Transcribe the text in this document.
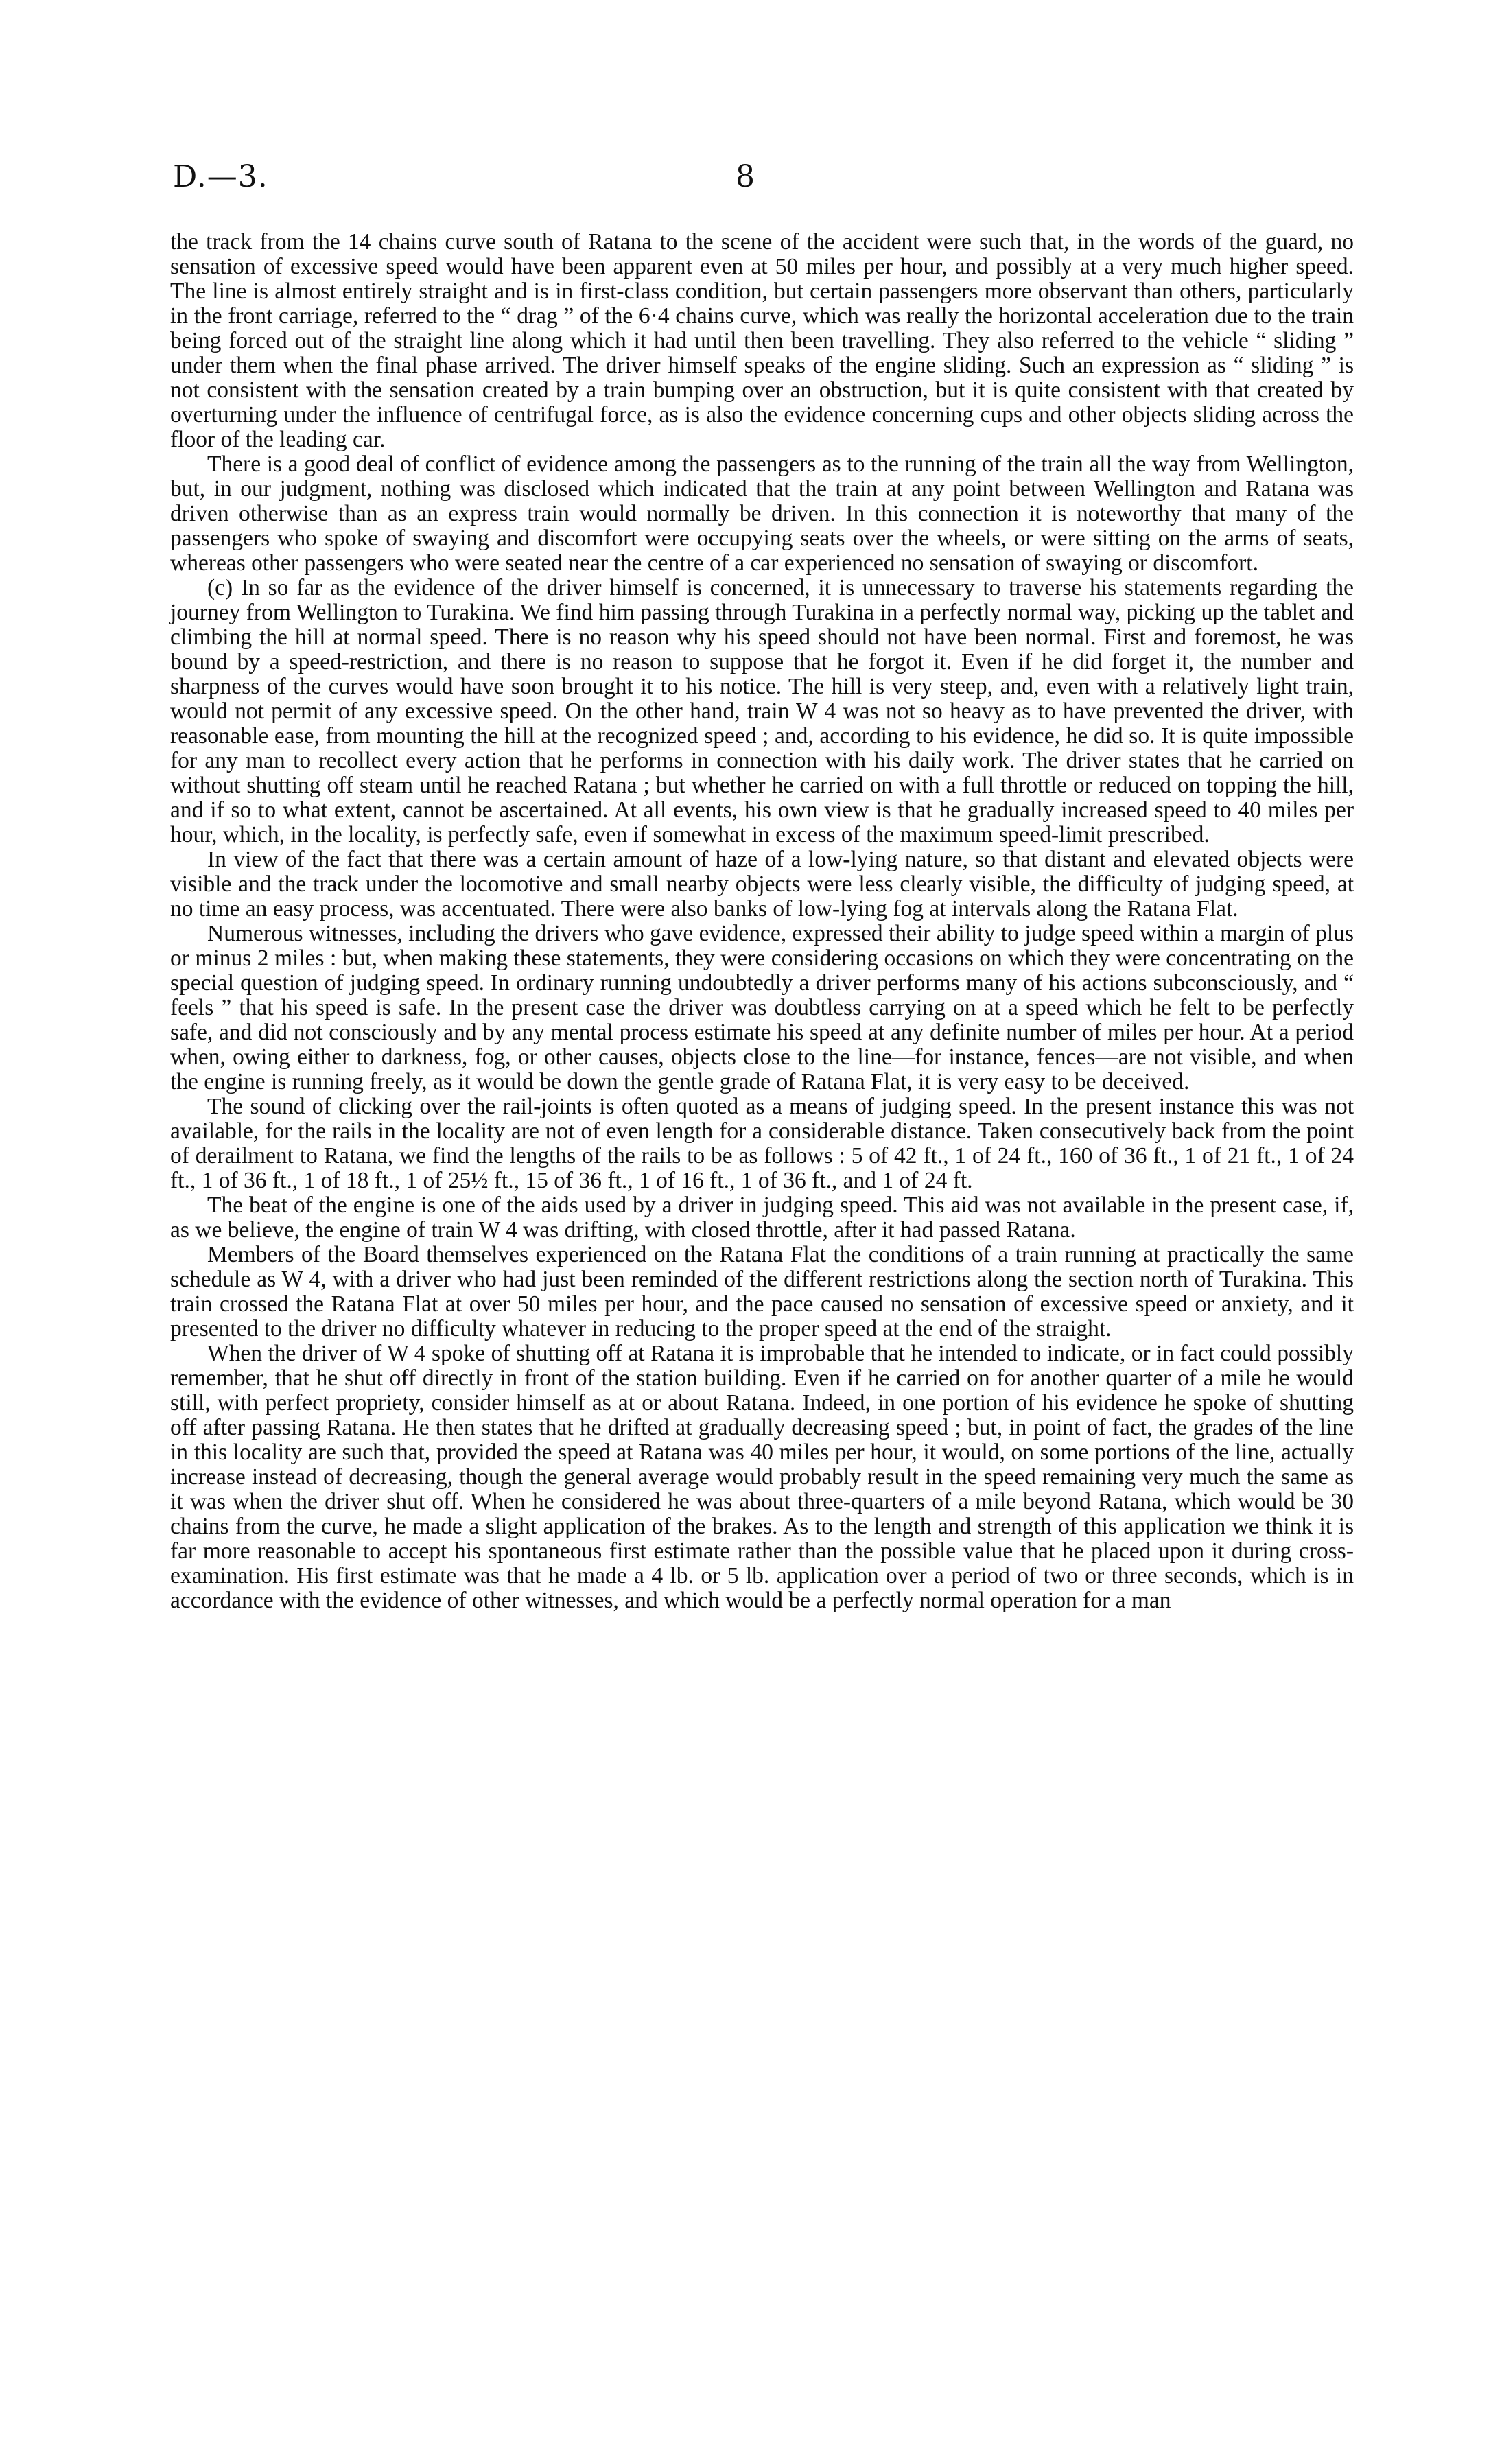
D.—3.	8

the track from the 14 chains curve south of Ratana to the scene of the accident were such that, in the words of the guard, no sensation of excessive speed would have been apparent even at 50 miles per hour, and possibly at a very much higher speed. The line is almost entirely straight and is in first-class condition, but certain passengers more observant than others, particularly in the front carriage, referred to the “ drag ” of the 6·4 chains curve, which was really the horizontal acceleration due to the train being forced out of the straight line along which it had until then been travelling. They also referred to the vehicle “ sliding ” under them when the final phase arrived. The driver himself speaks of the engine sliding. Such an expression as “ sliding ” is not consistent with the sensation created by a train bumping over an obstruction, but it is quite consistent with that created by overturning under the influence of centrifugal force, as is also the evidence concerning cups and other objects sliding across the floor of the leading car.

There is a good deal of conflict of evidence among the passengers as to the running of the train all the way from Wellington, but, in our judgment, nothing was disclosed which indicated that the train at any point between Wellington and Ratana was driven otherwise than as an express train would normally be driven. In this connection it is noteworthy that many of the passengers who spoke of swaying and discomfort were occupying seats over the wheels, or were sitting on the arms of seats, whereas other passengers who were seated near the centre of a car experienced no sensation of swaying or discomfort.

(c) In so far as the evidence of the driver himself is concerned, it is unnecessary to traverse his statements regarding the journey from Wellington to Turakina. We find him passing through Turakina in a perfectly normal way, picking up the tablet and climbing the hill at normal speed. There is no reason why his speed should not have been normal. First and foremost, he was bound by a speed-restriction, and there is no reason to suppose that he forgot it. Even if he did forget it, the number and sharpness of the curves would have soon brought it to his notice. The hill is very steep, and, even with a relatively light train, would not permit of any excessive speed. On the other hand, train W 4 was not so heavy as to have prevented the driver, with reasonable ease, from mounting the hill at the recognized speed ; and, according to his evidence, he did so. It is quite impossible for any man to recollect every action that he performs in connection with his daily work. The driver states that he carried on without shutting off steam until he reached Ratana ; but whether he carried on with a full throttle or reduced on topping the hill, and if so to what extent, cannot be ascertained. At all events, his own view is that he gradually increased speed to 40 miles per hour, which, in the locality, is perfectly safe, even if somewhat in excess of the maximum speed-limit prescribed.

In view of the fact that there was a certain amount of haze of a low-lying nature, so that distant and elevated objects were visible and the track under the locomotive and small nearby objects were less clearly visible, the difficulty of judging speed, at no time an easy process, was accentuated. There were also banks of low-lying fog at intervals along the Ratana Flat.

Numerous witnesses, including the drivers who gave evidence, expressed their ability to judge speed within a margin of plus or minus 2 miles : but, when making these statements, they were considering occasions on which they were concentrating on the special question of judging speed. In ordinary running undoubtedly a driver performs many of his actions subconsciously, and “ feels ” that his speed is safe. In the present case the driver was doubtless carrying on at a speed which he felt to be perfectly safe, and did not consciously and by any mental process estimate his speed at any definite number of miles per hour. At a period when, owing either to darkness, fog, or other causes, objects close to the line—for instance, fences—are not visible, and when the engine is running freely, as it would be down the gentle grade of Ratana Flat, it is very easy to be deceived.

The sound of clicking over the rail-joints is often quoted as a means of judging speed. In the present instance this was not available, for the rails in the locality are not of even length for a considerable distance. Taken consecutively back from the point of derailment to Ratana, we find the lengths of the rails to be as follows : 5 of 42 ft., 1 of 24 ft., 160 of 36 ft., 1 of 21 ft., 1 of 24 ft., 1 of 36 ft., 1 of 18 ft., 1 of 25½ ft., 15 of 36 ft., 1 of 16 ft., 1 of 36 ft., and 1 of 24 ft.

The beat of the engine is one of the aids used by a driver in judging speed. This aid was not available in the present case, if, as we believe, the engine of train W 4 was drifting, with closed throttle, after it had passed Ratana.

Members of the Board themselves experienced on the Ratana Flat the conditions of a train running at practically the same schedule as W 4, with a driver who had just been reminded of the different restrictions along the section north of Turakina. This train crossed the Ratana Flat at over 50 miles per hour, and the pace caused no sensation of excessive speed or anxiety, and it presented to the driver no difficulty whatever in reducing to the proper speed at the end of the straight.

When the driver of W 4 spoke of shutting off at Ratana it is improbable that he intended to indicate, or in fact could possibly remember, that he shut off directly in front of the station building. Even if he carried on for another quarter of a mile he would still, with perfect propriety, consider himself as at or about Ratana. Indeed, in one portion of his evidence he spoke of shutting off after passing Ratana. He then states that he drifted at gradually decreasing speed ; but, in point of fact, the grades of the line in this locality are such that, provided the speed at Ratana was 40 miles per hour, it would, on some portions of the line, actually increase instead of decreasing, though the general average would probably result in the speed remaining very much the same as it was when the driver shut off. When he considered he was about three-quarters of a mile beyond Ratana, which would be 30 chains from the curve, he made a slight application of the brakes. As to the length and strength of this application we think it is far more reasonable to accept his spontaneous first estimate rather than the possible value that he placed upon it during cross-examination. His first estimate was that he made a 4 lb. or 5 lb. application over a period of two or three seconds, which is in accordance with the evidence of other witnesses, and which would be a perfectly normal operation for a man
